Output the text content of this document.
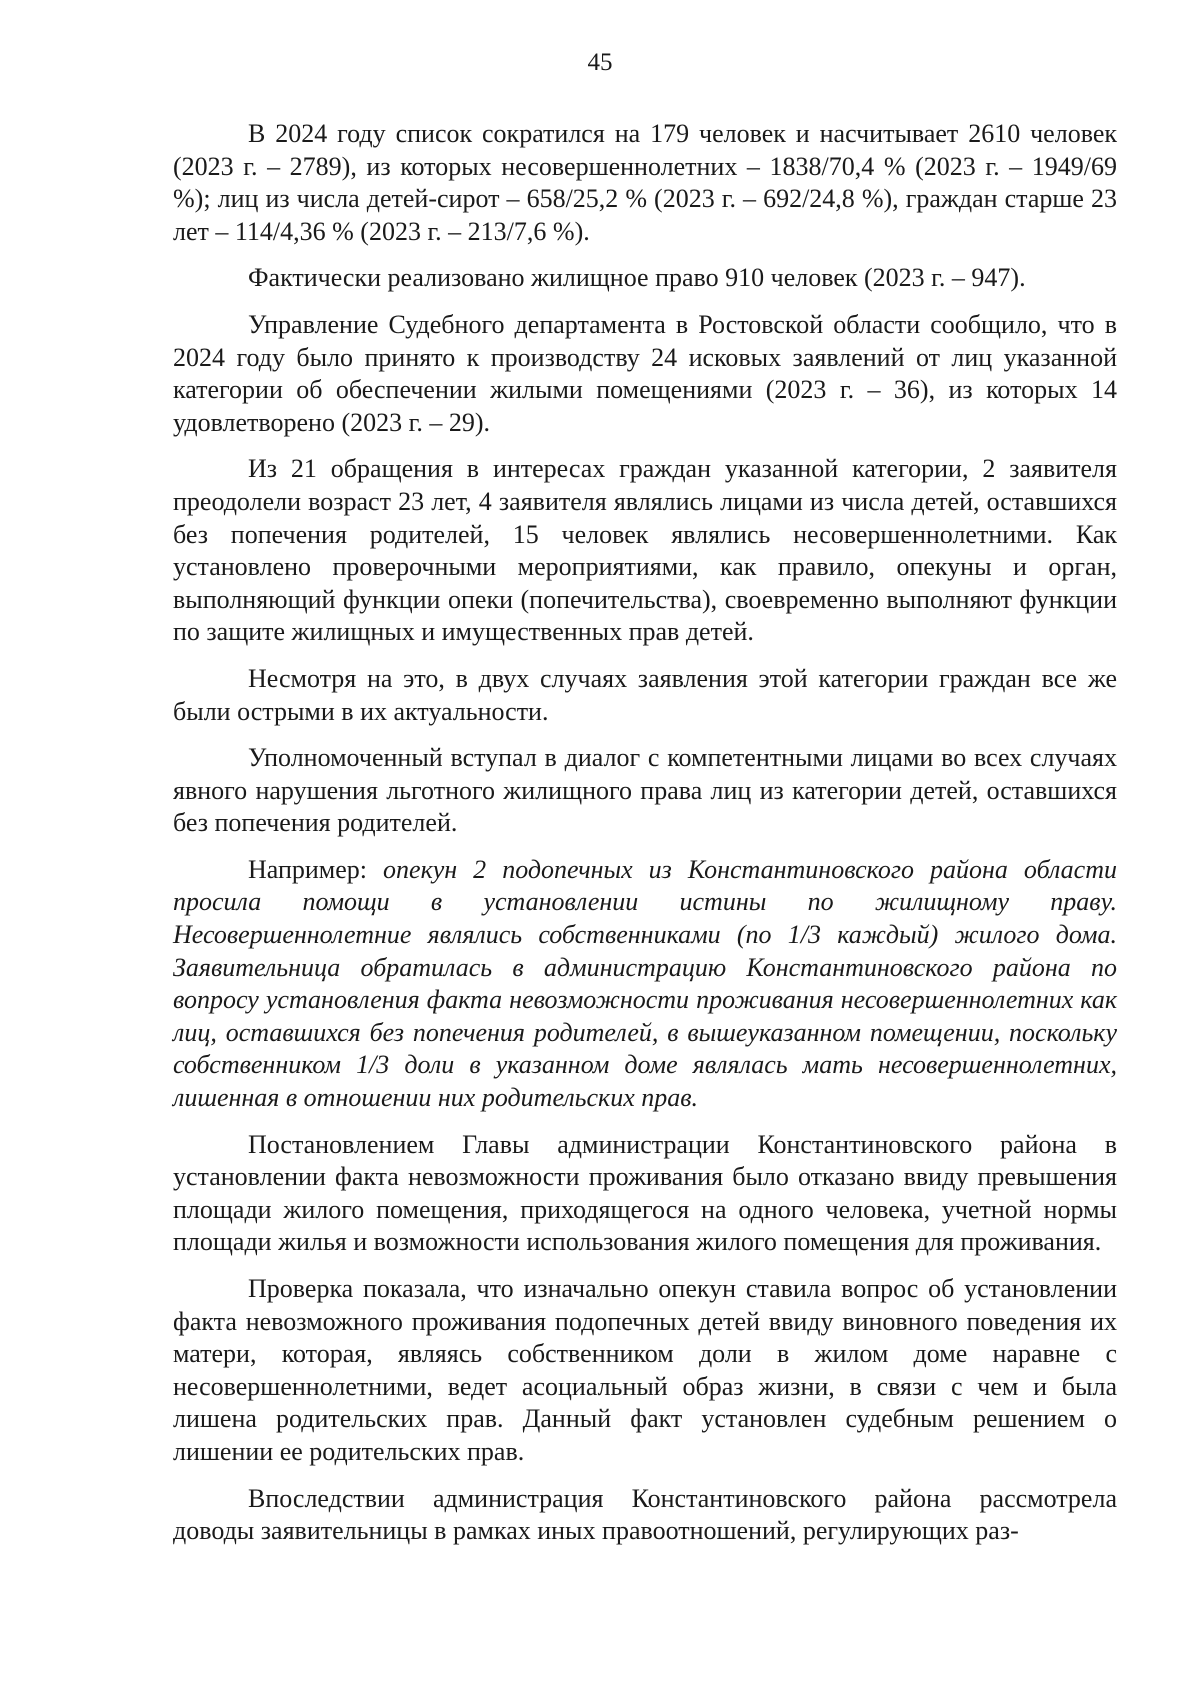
45

В 2024 году список сократился на 179 человек и насчитывает 2610 человек (2023 г. – 2789), из которых несовершеннолетних – 1838/70,4 % (2023 г. – 1949/69 %); лиц из числа детей-сирот – 658/25,2 % (2023 г. – 692/24,8 %), граждан старше 23 лет – 114/4,36 % (2023 г. – 213/7,6 %).

Фактически реализовано жилищное право 910 человек (2023 г. – 947).

Управление Судебного департамента в Ростовской области сообщило, что в 2024 году было принято к производству 24 исковых заявлений от лиц указанной категории об обеспечении жилыми помещениями (2023 г. – 36), из которых 14 удовлетворено (2023 г. – 29).

Из 21 обращения в интересах граждан указанной категории, 2 заявителя преодолели возраст 23 лет, 4 заявителя являлись лицами из числа детей, оставшихся без попечения родителей, 15 человек являлись несовершеннолетними. Как установлено проверочными мероприятиями, как правило, опекуны и орган, выполняющий функции опеки (попечительства), своевременно выполняют функции по защите жилищных и имущественных прав детей.

Несмотря на это, в двух случаях заявления этой категории граждан все же были острыми в их актуальности.

Уполномоченный вступал в диалог с компетентными лицами во всех случаях явного нарушения льготного жилищного права лиц из категории детей, оставшихся без попечения родителей.

Например: опекун 2 подопечных из Константиновского района области просила помощи в установлении истины по жилищному праву. Несовершеннолетние являлись собственниками (по 1/3 каждый) жилого дома. Заявительница обратилась в администрацию Константиновского района по вопросу установления факта невозможности проживания несовершеннолетних как лиц, оставшихся без попечения родителей, в вышеуказанном помещении, поскольку собственником 1/3 доли в указанном доме являлась мать несовершеннолетних, лишенная в отношении них родительских прав.

Постановлением Главы администрации Константиновского района в установлении факта невозможности проживания было отказано ввиду превышения площади жилого помещения, приходящегося на одного человека, учетной нормы площади жилья и возможности использования жилого помещения для проживания.

Проверка показала, что изначально опекун ставила вопрос об установлении факта невозможного проживания подопечных детей ввиду виновного поведения их матери, которая, являясь собственником доли в жилом доме наравне с несовершеннолетними, ведет асоциальный образ жизни, в связи с чем и была лишена родительских прав. Данный факт установлен судебным решением о лишении ее родительских прав.

Впоследствии администрация Константиновского района рассмотрела доводы заявительницы в рамках иных правоотношений, регулирующих раз-
